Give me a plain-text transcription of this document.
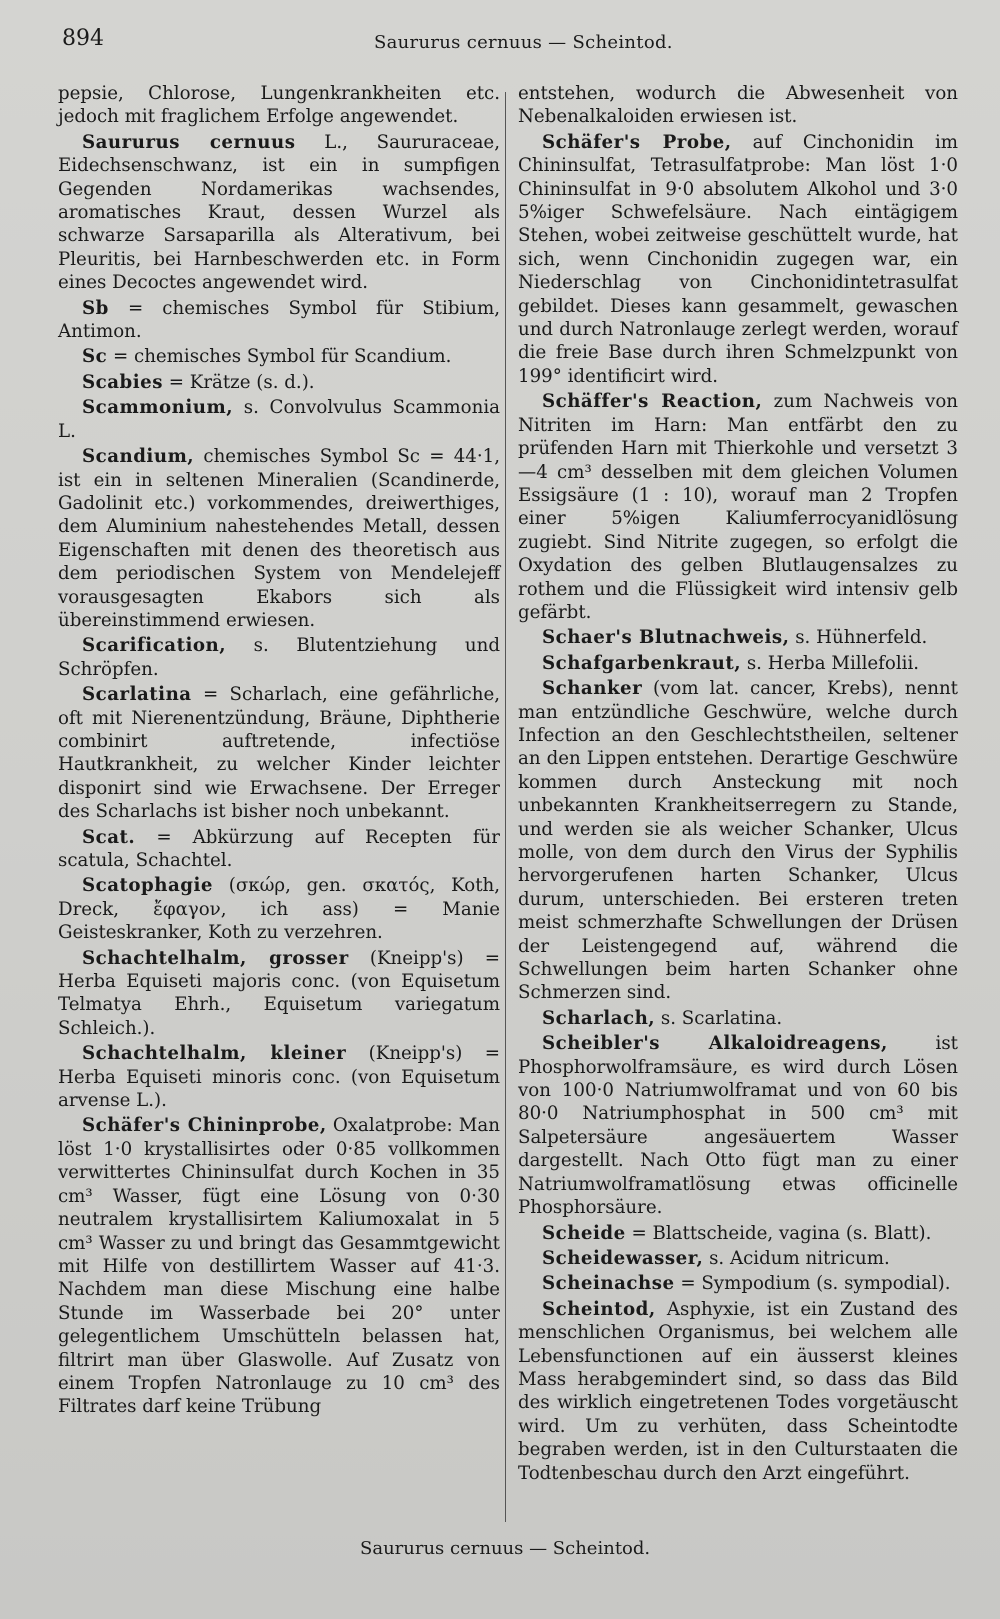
894	Saururus cernuus — Scheintod.

pepsie, Chlorose, Lungenkrankheiten etc. jedoch mit fraglichem Erfolge angewendet.

Saururus cernuus L., Saururaceae, Eidechsenschwanz, ist ein in sumpfigen Gegenden Nordamerikas wachsendes, aromatisches Kraut, dessen Wurzel als schwarze Sarsaparilla als Alterativum, bei Pleuritis, bei Harnbeschwerden etc. in Form eines Decoctes angewendet wird.

Sb = chemisches Symbol für Stibium, Antimon.

Sc = chemisches Symbol für Scandium.

Scabies = Krätze (s. d.).

Scammonium, s. Convolvulus Scammonia L.

Scandium, chemisches Symbol Sc = 44·1, ist ein in seltenen Mineralien (Scandinerde, Gadolinit etc.) vorkommendes, dreiwerthiges, dem Aluminium nahestehendes Metall, dessen Eigenschaften mit denen des theoretisch aus dem periodischen System von Mendelejeff vorausgesagten Ekabors sich als übereinstimmend erwiesen.

Scarification, s. Blutentziehung und Schröpfen.

Scarlatina = Scharlach, eine gefährliche, oft mit Nierenentzündung, Bräune, Diphtherie combinirt auftretende, infectiöse Hautkrankheit, zu welcher Kinder leichter disponirt sind wie Erwachsene. Der Erreger des Scharlachs ist bisher noch unbekannt.

Scat. = Abkürzung auf Recepten für scatula, Schachtel.

Scatophagie (σκώρ, gen. σκατός, Koth, Dreck, ἔφαγον, ich ass) = Manie Geisteskranker, Koth zu verzehren.

Schachtelhalm, grosser (Kneipp's) = Herba Equiseti majoris conc. (von Equisetum Telmatya Ehrh., Equisetum variegatum Schleich.).

Schachtelhalm, kleiner (Kneipp's) = Herba Equiseti minoris conc. (von Equisetum arvense L.).

Schäfer's Chininprobe, Oxalatprobe: Man löst 1·0 krystallisirtes oder 0·85 vollkommen verwittertes Chininsulfat durch Kochen in 35 cm³ Wasser, fügt eine Lösung von 0·30 neutralem krystallisirtem Kaliumoxalat in 5 cm³ Wasser zu und bringt das Gesammtgewicht mit Hilfe von destillirtem Wasser auf 41·3. Nachdem man diese Mischung eine halbe Stunde im Wasserbade bei 20° unter gelegentlichem Umschütteln belassen hat, filtrirt man über Glaswolle. Auf Zusatz von einem Tropfen Natronlauge zu 10 cm³ des Filtrates darf keine Trübung

entstehen, wodurch die Abwesenheit von Nebenalkaloiden erwiesen ist.

Schäfer's Probe, auf Cinchonidin im Chininsulfat, Tetrasulfatprobe: Man löst 1·0 Chininsulfat in 9·0 absolutem Alkohol und 3·0 5%iger Schwefelsäure. Nach eintägigem Stehen, wobei zeitweise geschüttelt wurde, hat sich, wenn Cinchonidin zugegen war, ein Niederschlag von Cinchonidintetrasulfat gebildet. Dieses kann gesammelt, gewaschen und durch Natronlauge zerlegt werden, worauf die freie Base durch ihren Schmelzpunkt von 199° identificirt wird.

Schäffer's Reaction, zum Nachweis von Nitriten im Harn: Man entfärbt den zu prüfenden Harn mit Thierkohle und versetzt 3—4 cm³ desselben mit dem gleichen Volumen Essigsäure (1 : 10), worauf man 2 Tropfen einer 5%igen Kaliumferrocyanidlösung zugiebt. Sind Nitrite zugegen, so erfolgt die Oxydation des gelben Blutlaugensalzes zu rothem und die Flüssigkeit wird intensiv gelb gefärbt.

Schaer's Blutnachweis, s. Hühnerfeld.

Schafgarbenkraut, s. Herba Millefolii.

Schanker (vom lat. cancer, Krebs), nennt man entzündliche Geschwüre, welche durch Infection an den Geschlechtstheilen, seltener an den Lippen entstehen. Derartige Geschwüre kommen durch Ansteckung mit noch unbekannten Krankheitserregern zu Stande, und werden sie als weicher Schanker, Ulcus molle, von dem durch den Virus der Syphilis hervorgerufenen harten Schanker, Ulcus durum, unterschieden. Bei ersteren treten meist schmerzhafte Schwellungen der Drüsen der Leistengegend auf, während die Schwellungen beim harten Schanker ohne Schmerzen sind.

Scharlach, s. Scarlatina.

Scheibler's Alkaloidreagens, ist Phosphorwolframsäure, es wird durch Lösen von 100·0 Natriumwolframat und von 60 bis 80·0 Natriumphosphat in 500 cm³ mit Salpetersäure angesäuertem Wasser dargestellt. Nach Otto fügt man zu einer Natriumwolframatlösung etwas officinelle Phosphorsäure.

Scheide = Blattscheide, vagina (s. Blatt).

Scheidewasser, s. Acidum nitricum.

Scheinachse = Sympodium (s. sympodial).

Scheintod, Asphyxie, ist ein Zustand des menschlichen Organismus, bei welchem alle Lebensfunctionen auf ein äusserst kleines Mass herabgemindert sind, so dass das Bild des wirklich eingetretenen Todes vorgetäuscht wird. Um zu verhüten, dass Scheintodte begraben werden, ist in den Culturstaaten die Todtenbeschau durch den Arzt eingeführt.

Saururus cernuus — Scheintod.
